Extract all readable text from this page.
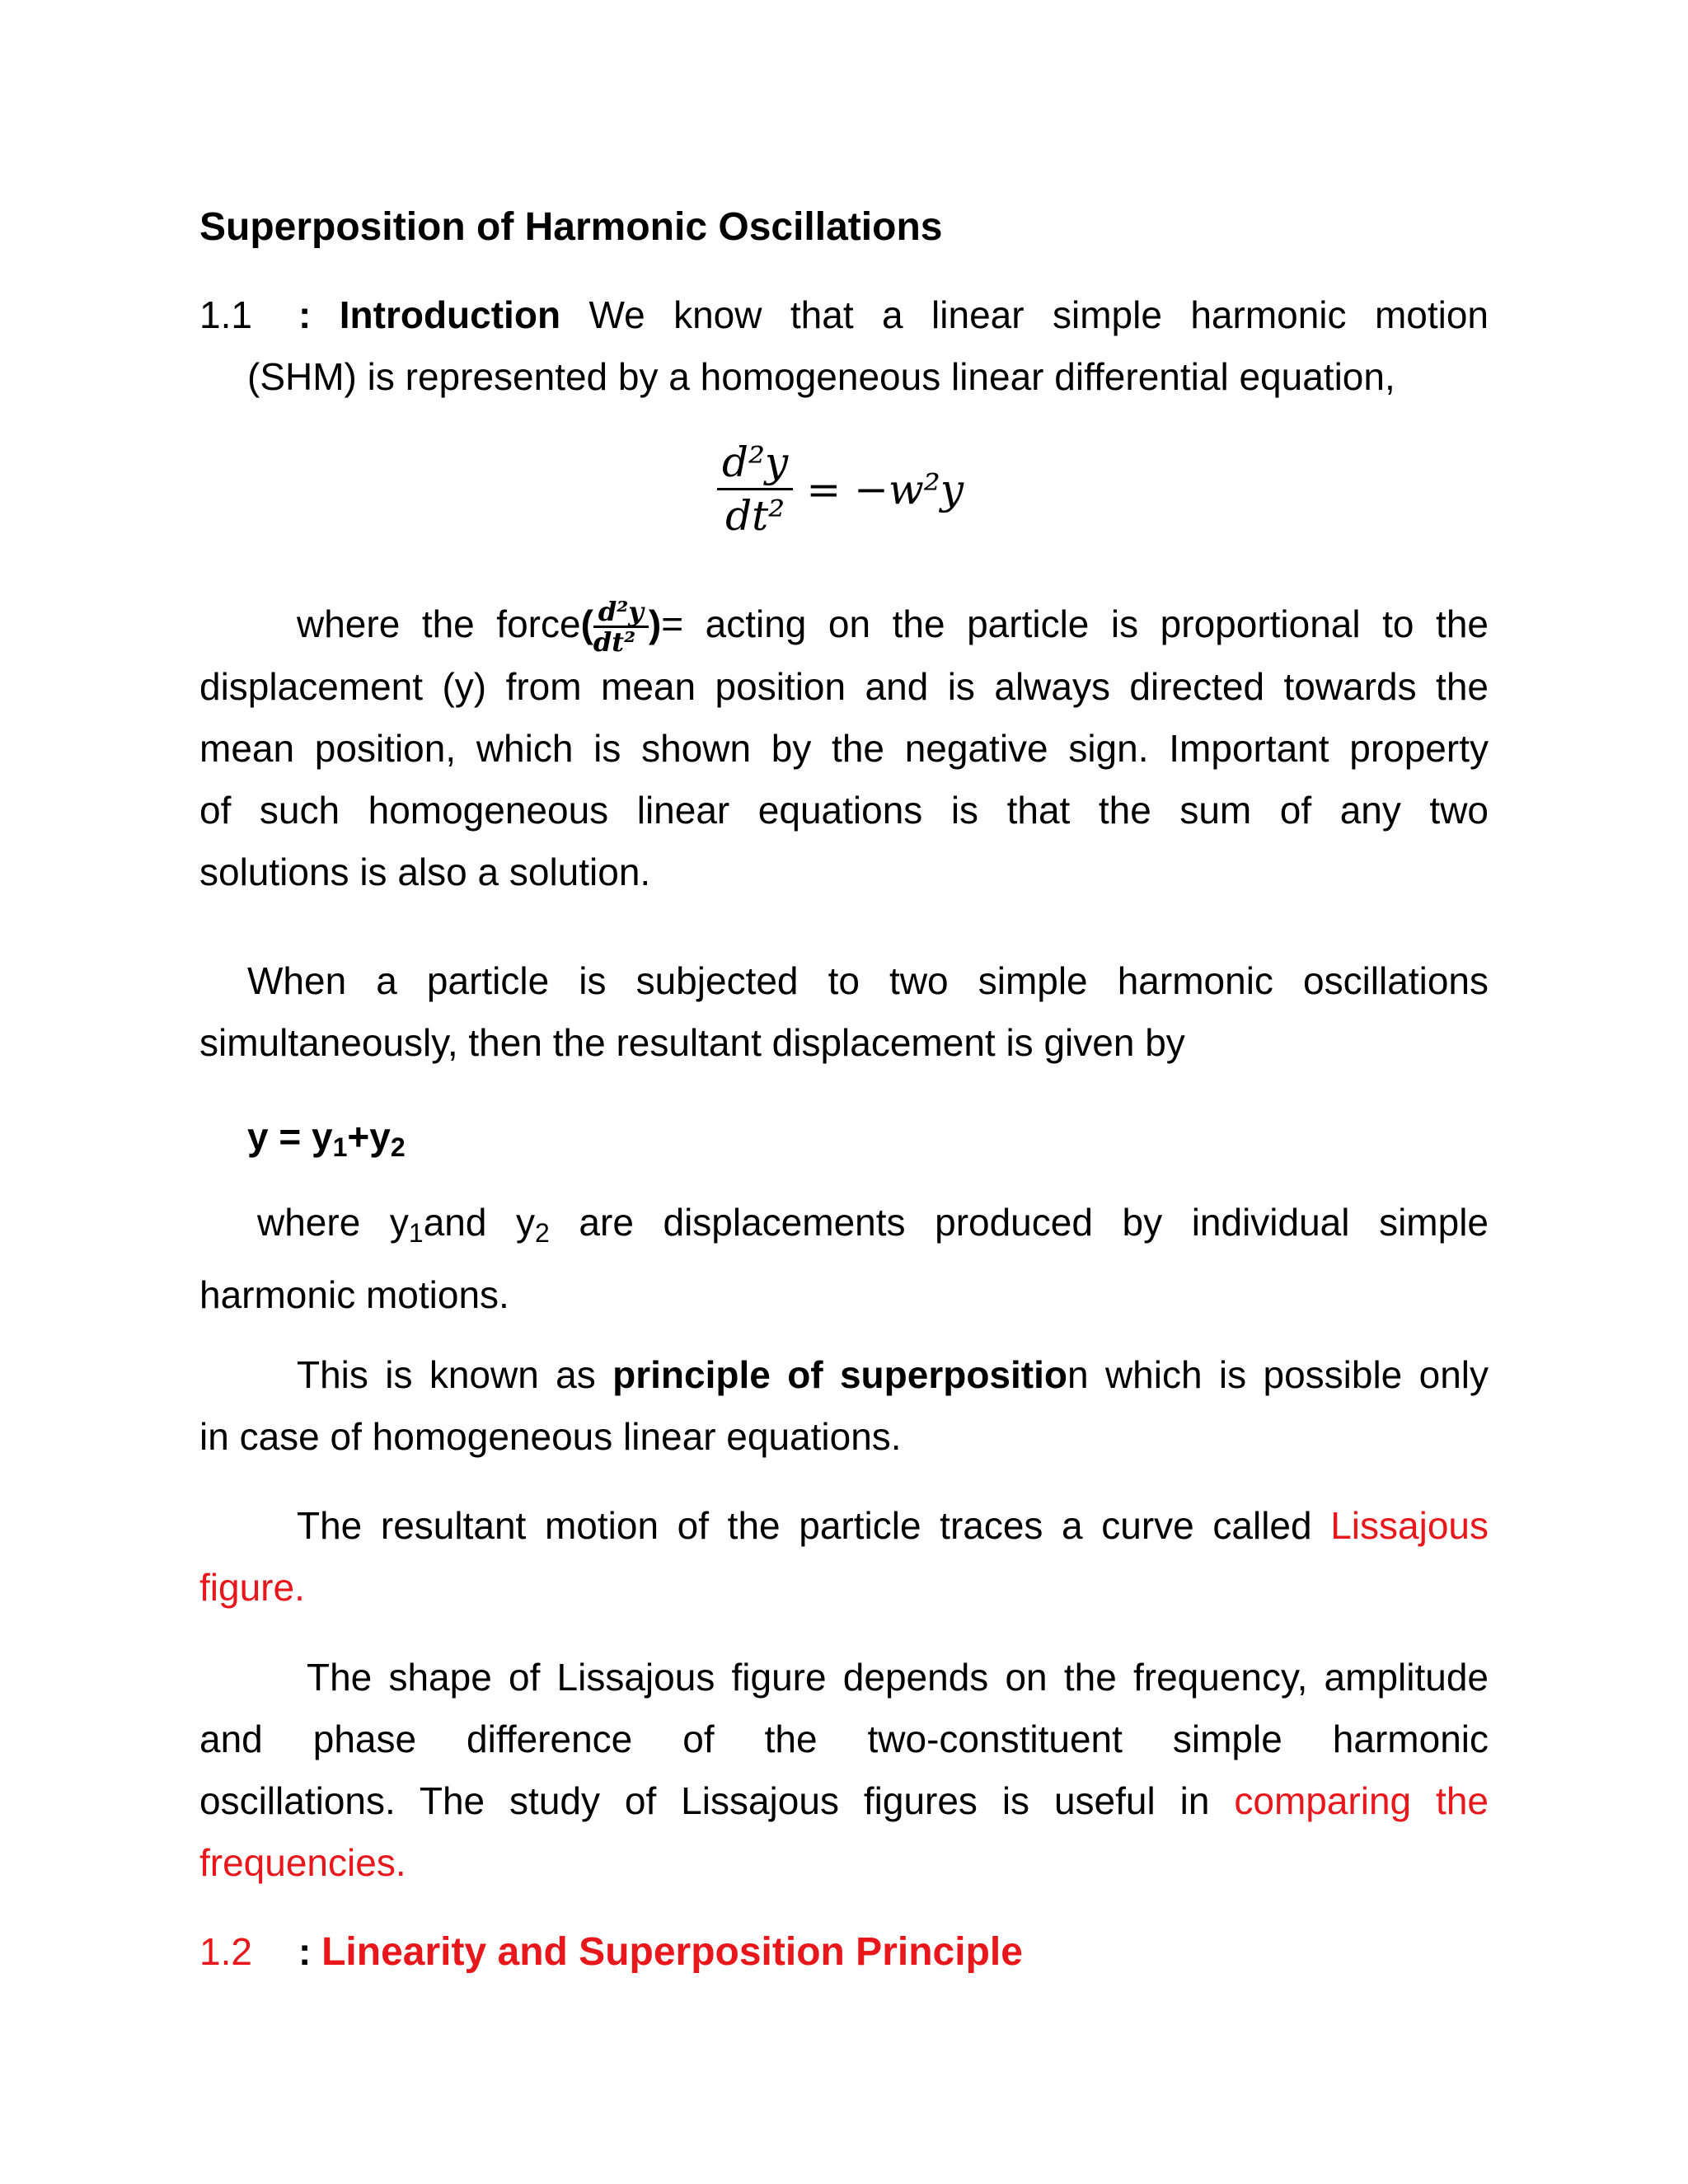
Superposition of Harmonic Oscillations
1.1 : Introduction We know that a linear simple harmonic motion
(SHM) is represented by a homogeneous linear differential equation,
$\frac{\text{d²y}}{\text{dt²}} = -w^2y$
where the force( $\frac{\text{d²y}}{\text{dt²}}$ )= acting on the particle is proportional to the
displacement (y) from mean position and is always directed towards the
mean position, which is shown by the negative sign. Important property
of such homogeneous linear equations is that the sum of any two
solutions is also a solution.
When a particle is subjected to two simple harmonic oscillations
simultaneously, then the resultant displacement is given by
$y = y_1+y_2$
where $y_1and$ $y_2$ are displacements produced by individual simple
harmonic motions.
This is known as principle of superposition which is possible only
in case of homogeneous linear equations.
The resultant motion of the particle traces a curve called Lissajous
figure.
The shape of Lissajous figure depends on the frequency, amplitude
and phase difference of the two-constituent simple harmonic
oscillations. The study of Lissajous figures is useful in comparing the
frequencies.
1.2 : Linearity and Superposition Principle
